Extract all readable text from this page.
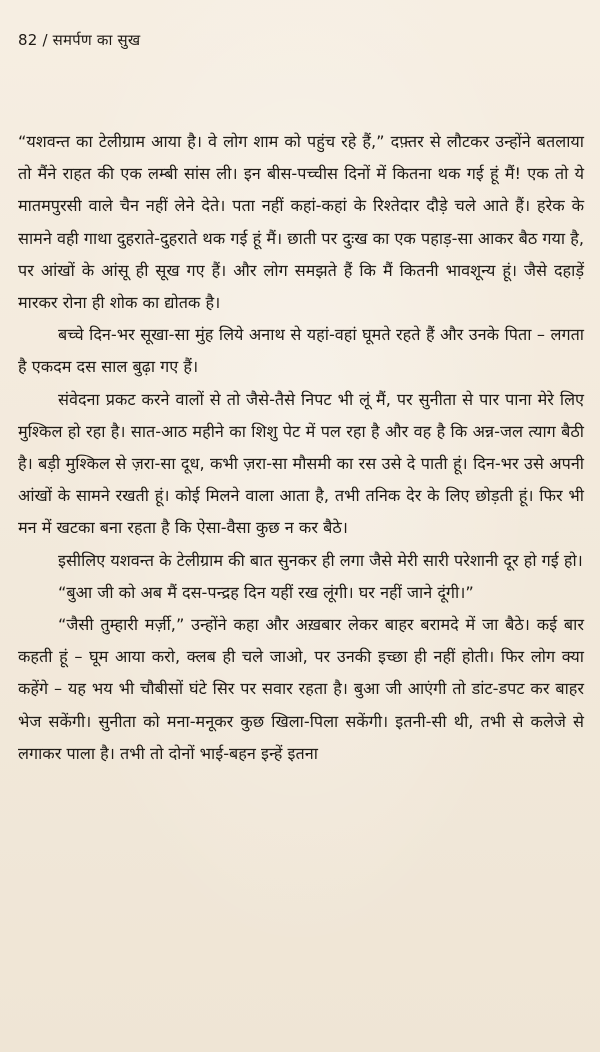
82 / समर्पण का सुख

“यशवन्त का टेलीग्राम आया है। वे लोग शाम को पहुंच रहे हैं,” दफ़्तर से लौटकर उन्होंने बतलाया तो मैंने राहत की एक लम्बी सांस ली। इन बीस-पच्चीस दिनों में कितना थक गई हूं मैं! एक तो ये मातमपुरसी वाले चैन नहीं लेने देते। पता नहीं कहां-कहां के रिश्तेदार दौड़े चले आते हैं। हरेक के सामने वही गाथा दुहराते-दुहराते थक गई हूं मैं। छाती पर दुःख का एक पहाड़-सा आकर बैठ गया है, पर आंखों के आंसू ही सूख गए हैं। और लोग समझते हैं कि मैं कितनी भावशून्य हूं। जैसे दहाड़ें मारकर रोना ही शोक का द्योतक है।

बच्चे दिन-भर सूखा-सा मुंह लिये अनाथ से यहां-वहां घूमते रहते हैं और उनके पिता – लगता है एकदम दस साल बुढ़ा गए हैं।

संवेदना प्रकट करने वालों से तो जैसे-तैसे निपट भी लूं मैं, पर सुनीता से पार पाना मेरे लिए मुश्किल हो रहा है। सात-आठ महीने का शिशु पेट में पल रहा है और वह है कि अन्न-जल त्याग बैठी है। बड़ी मुश्किल से ज़रा-सा दूध, कभी ज़रा-सा मौसमी का रस उसे दे पाती हूं। दिन-भर उसे अपनी आंखों के सामने रखती हूं। कोई मिलने वाला आता है, तभी तनिक देर के लिए छोड़ती हूं। फिर भी मन में खटका बना रहता है कि ऐसा-वैसा कुछ न कर बैठे।

इसीलिए यशवन्त के टेलीग्राम की बात सुनकर ही लगा जैसे मेरी सारी परेशानी दूर हो गई हो।

“बुआ जी को अब मैं दस-पन्द्रह दिन यहीं रख लूंगी। घर नहीं जाने दूंगी।”

“जैसी तुम्हारी मर्ज़ी,” उन्होंने कहा और अख़बार लेकर बाहर बरामदे में जा बैठे। कई बार कहती हूं – घूम आया करो, क्लब ही चले जाओ, पर उनकी इच्छा ही नहीं होती। फिर लोग क्या कहेंगे – यह भय भी चौबीसों घंटे सिर पर सवार रहता है। बुआ जी आएंगी तो डांट-डपट कर बाहर भेज सकेंगी। सुनीता को मना-मनूकर कुछ खिला-पिला सकेंगी। इतनी-सी थी, तभी से कलेजे से लगाकर पाला है। तभी तो दोनों भाई-बहन इन्हें इतना
